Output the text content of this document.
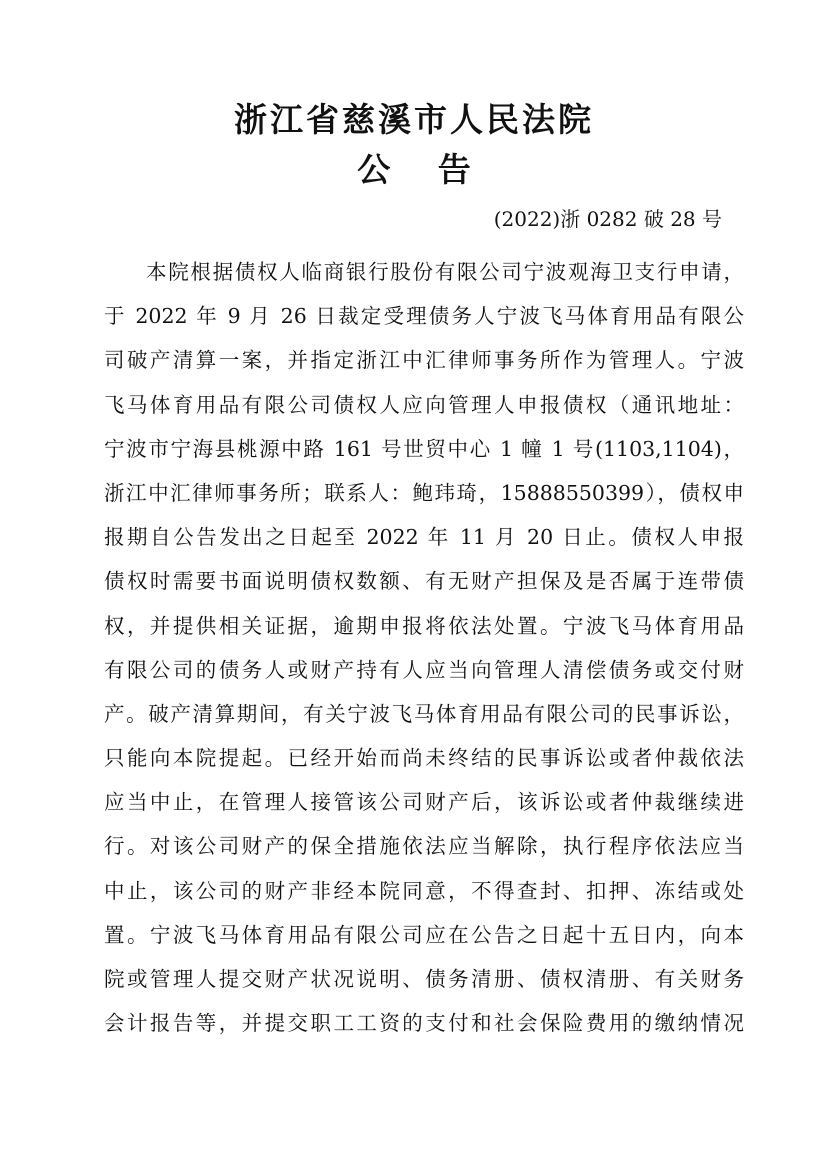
浙江省慈溪市人民法院
公 告

(2022)浙 0282 破 28 号

本院根据债权人临商银行股份有限公司宁波观海卫支行申请，
于 2022 年 9 月 26 日裁定受理债务人宁波飞马体育用品有限公
司破产清算一案，并指定浙江中汇律师事务所作为管理人。宁波
飞马体育用品有限公司债权人应向管理人申报债权（通讯地址：
宁波市宁海县桃源中路 161 号世贸中心 1 幢 1 号(1103,1104)，
浙江中汇律师事务所；联系人：鲍玮琦，15888550399），债权申
报期自公告发出之日起至 2022 年 11 月 20 日止。债权人申报
债权时需要书面说明债权数额、有无财产担保及是否属于连带债
权，并提供相关证据，逾期申报将依法处置。宁波飞马体育用品
有限公司的债务人或财产持有人应当向管理人清偿债务或交付财
产。破产清算期间，有关宁波飞马体育用品有限公司的民事诉讼，
只能向本院提起。已经开始而尚未终结的民事诉讼或者仲裁依法
应当中止，在管理人接管该公司财产后，该诉讼或者仲裁继续进
行。对该公司财产的保全措施依法应当解除，执行程序依法应当
中止，该公司的财产非经本院同意，不得查封、扣押、冻结或处
置。宁波飞马体育用品有限公司应在公告之日起十五日内，向本
院或管理人提交财产状况说明、债务清册、债权清册、有关财务
会计报告等，并提交职工工资的支付和社会保险费用的缴纳情况
